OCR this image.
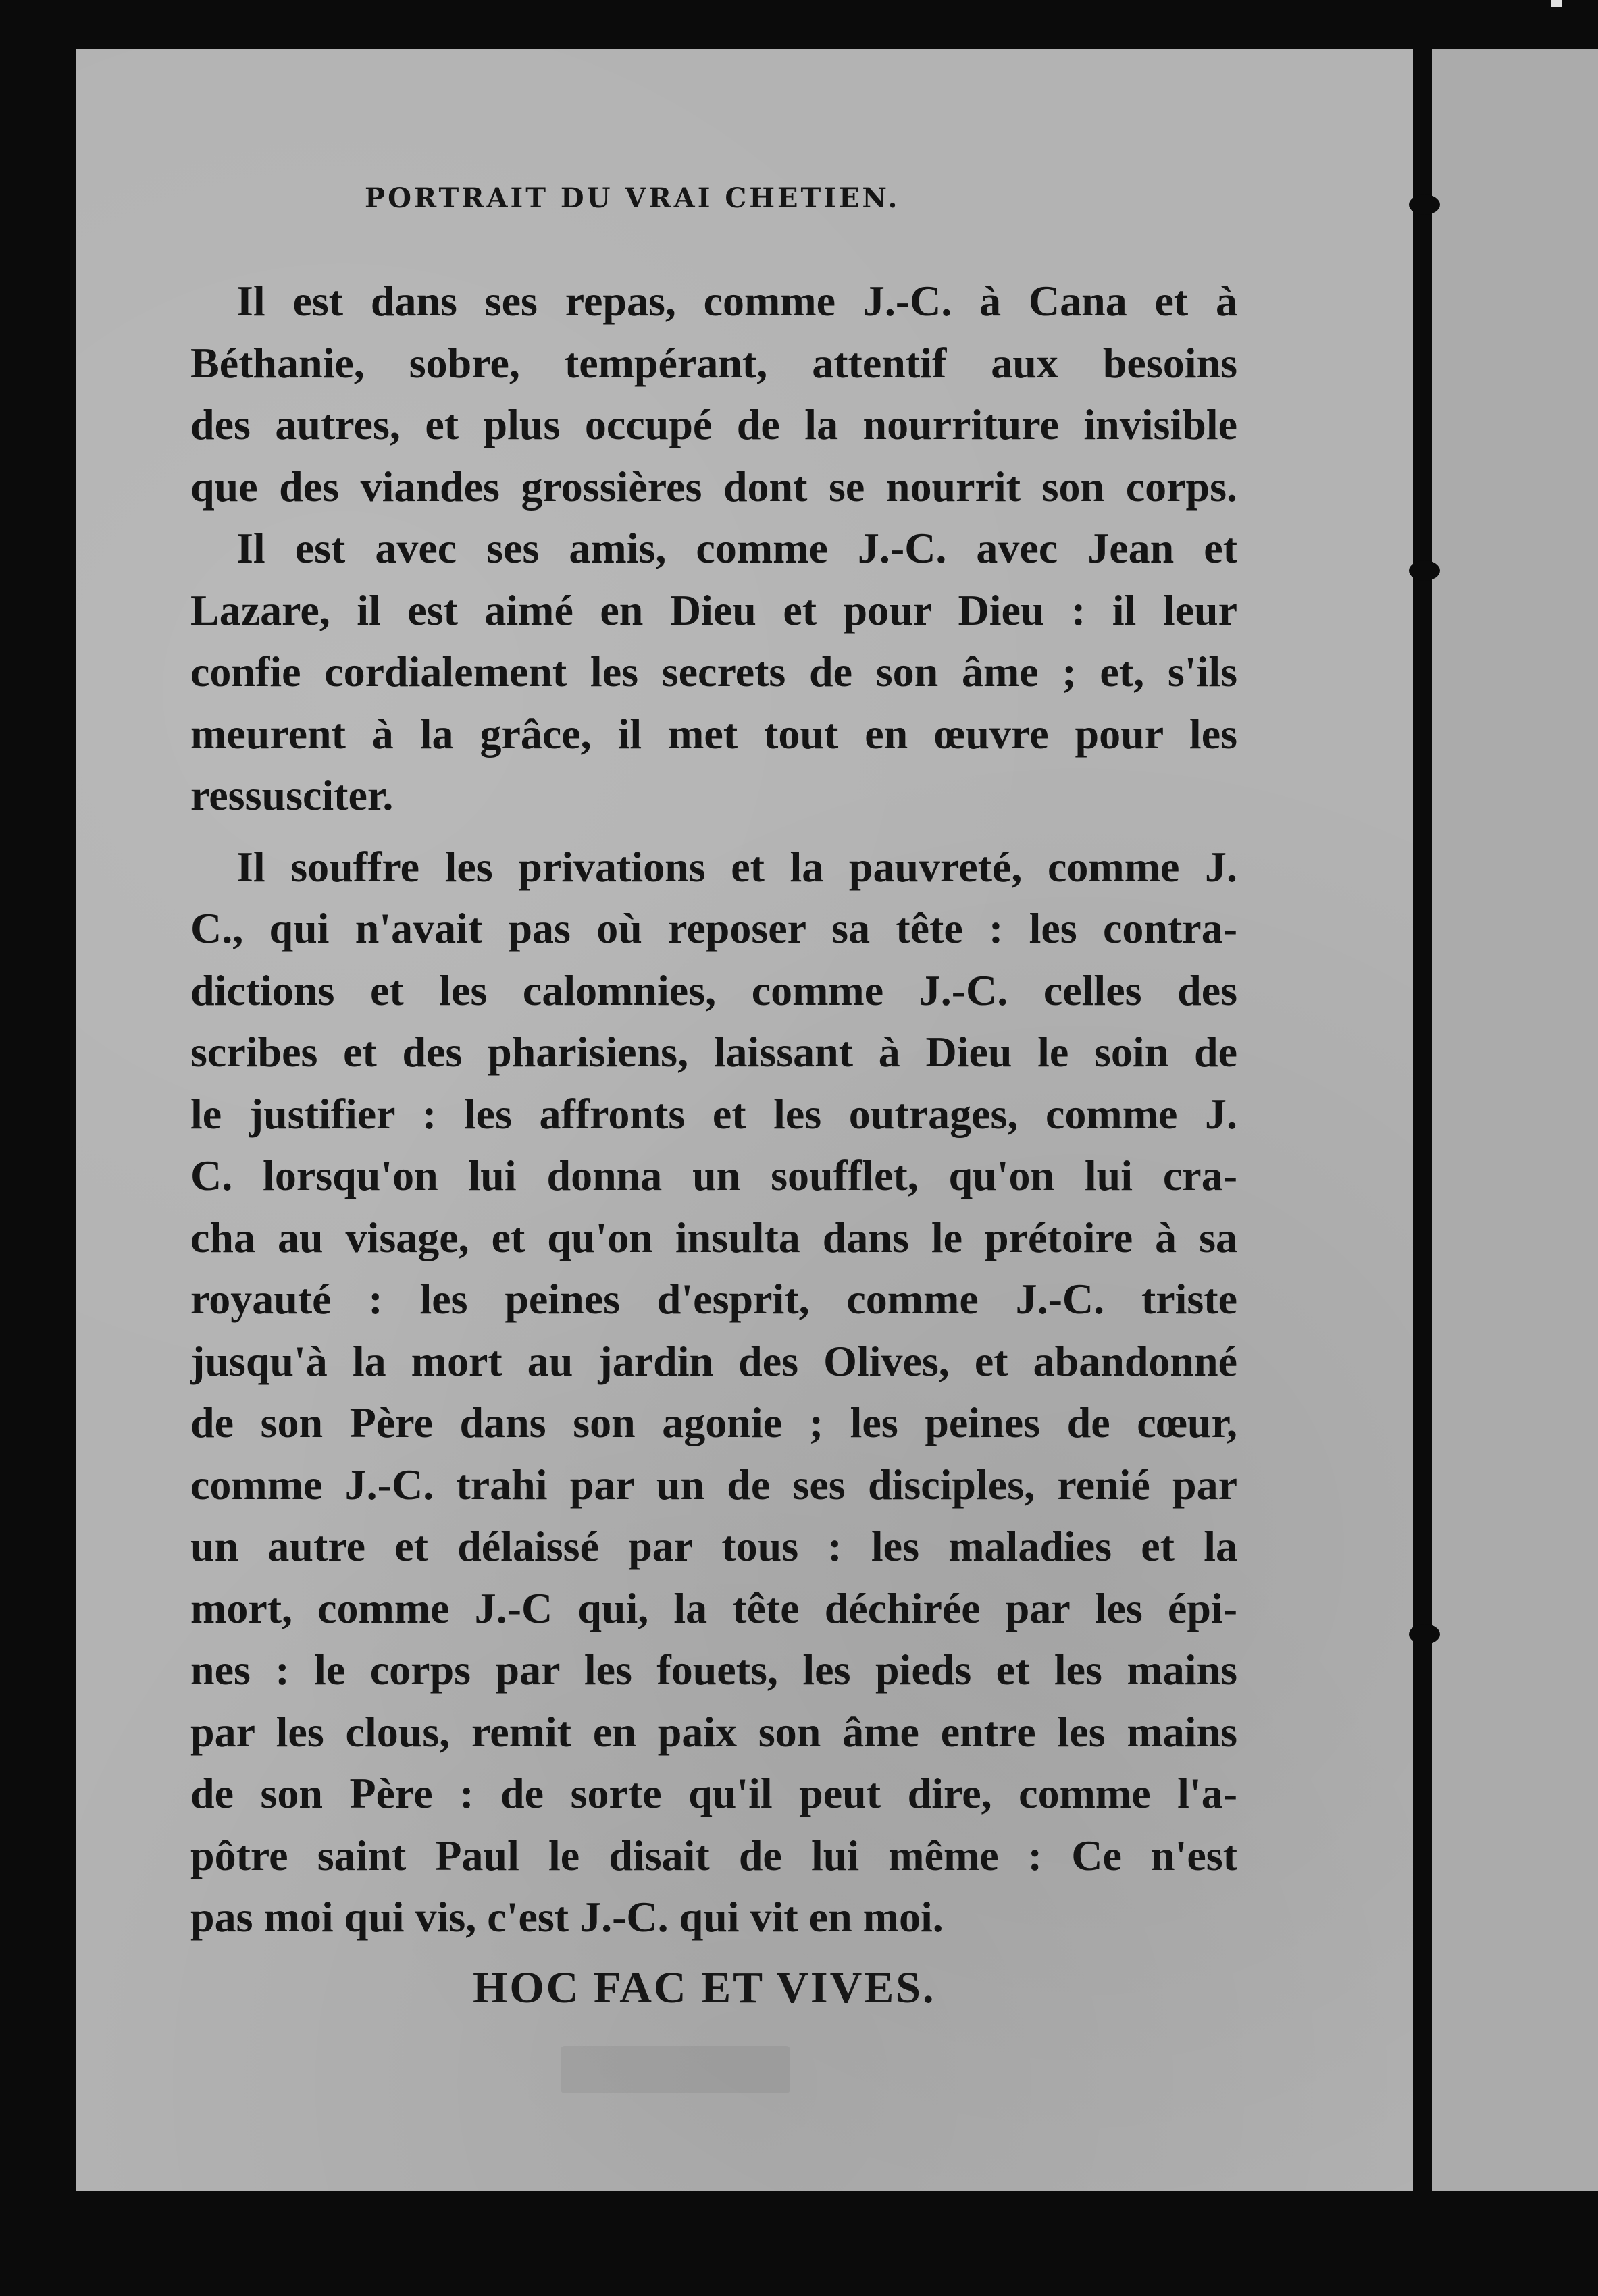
PORTRAIT DU VRAI CHETIEN.
Il est dans ses repas, comme J.-C. à Cana et à
Béthanie, sobre, tempérant, attentif aux besoins
des autres, et plus occupé de la nourriture invisible
que des viandes grossières dont se nourrit son corps.
Il est avec ses amis, comme J.-C. avec Jean et
Lazare, il est aimé en Dieu et pour Dieu : il leur
confie cordialement les secrets de son âme ; et, s'ils
meurent à la grâce, il met tout en œuvre pour les
ressusciter.
Il souffre les privations et la pauvreté, comme J.
C., qui n'avait pas où reposer sa tête : les contra-
dictions et les calomnies, comme J.-C. celles des
scribes et des pharisiens, laissant à Dieu le soin de
le justifier : les affronts et les outrages, comme J.
C. lorsqu'on lui donna un soufflet, qu'on lui cra-
cha au visage, et qu'on insulta dans le prétoire à sa
royauté : les peines d'esprit, comme J.-C. triste
jusqu'à la mort au jardin des Olives, et abandonné
de son Père dans son agonie ; les peines de cœur,
comme J.-C. trahi par un de ses disciples, renié par
un autre et délaissé par tous : les maladies et la
mort, comme J.-C qui, la tête déchirée par les épi-
nes : le corps par les fouets, les pieds et les mains
par les clous, remit en paix son âme entre les mains
de son Père : de sorte qu'il peut dire, comme l'a-
pôtre saint Paul le disait de lui même : Ce n'est
pas moi qui vis, c'est J.-C. qui vit en moi.
HOC FAC ET VIVES.
